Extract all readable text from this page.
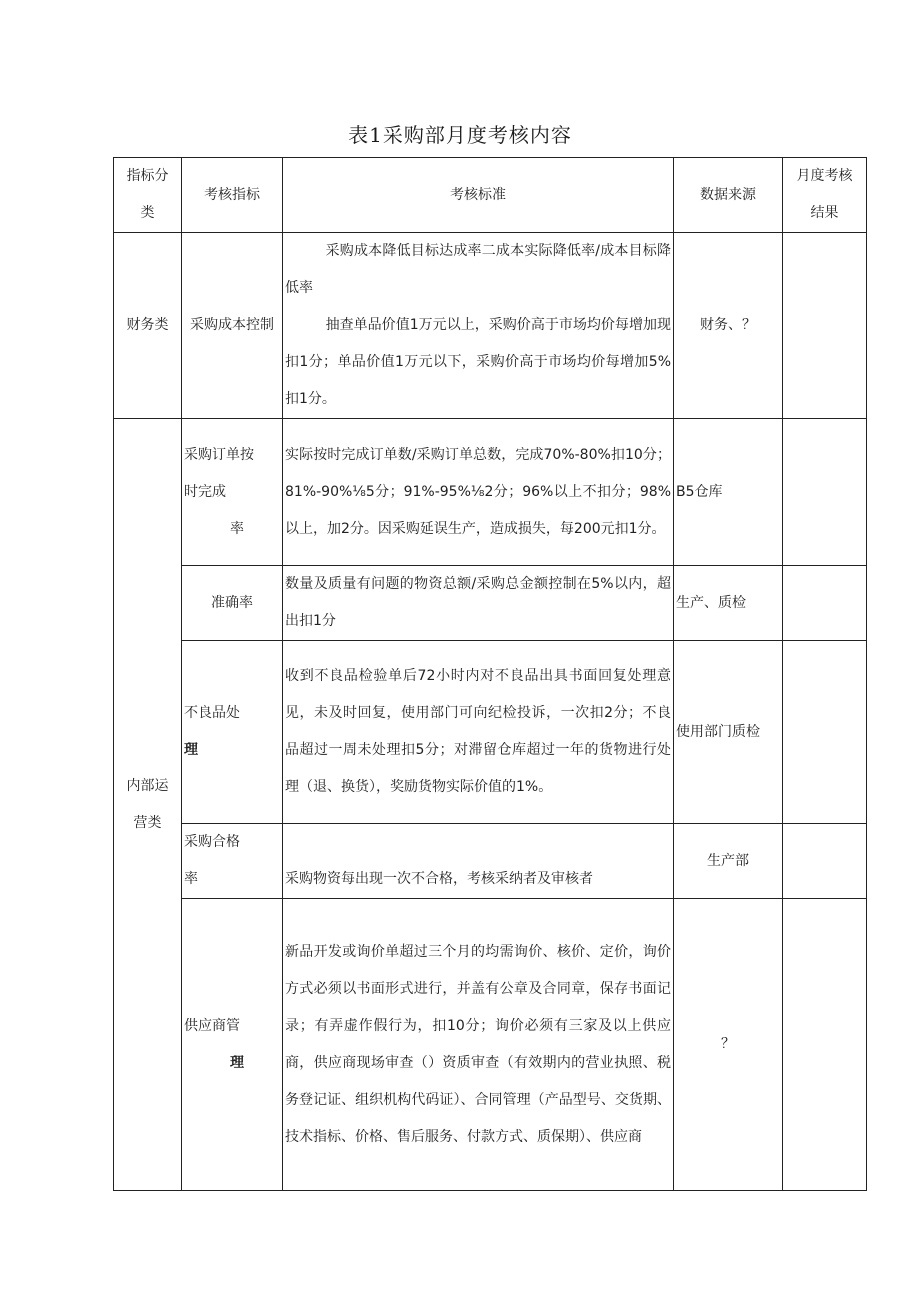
表1采购部月度考核内容
指标分类	考核指标	考核标准	数据来源	月度考核结果
财务类	采购成本控制	采购成本降低目标达成率二成本实际降低率/成本目标降低率

抽查单品价值1万元以上，采购价高于市场均价每增加现扣1分；单品价值1万元以下，采购价高于市场均价每增加5%扣1分。	财务、？	
内部运营类	采购订单按时完成
率	实际按时完成订单数/采购订单总数，完成70%-80%扣10分；81%-90%⅛5分；91%-95%⅛2分；96%以上不扣分；98%以上，加2分。因采购延误生产，造成损失，每200元扣1分。	B5仓库	
	准确率	数量及质量有问题的物资总额/采购总金额控制在5%以内，超出扣1分	生产、质检	

	不良品处
理	收到不良品检验单后72小时内对不良品出具书面回复处理意见，未及时回复，使用部门可向纪检投诉，一次扣2分；不良品超过一周未处理扣5分；对滞留仓库超过一年的货物进行处理（退、换货），奖励货物实际价值的1%。	使用部门质检	

	采购合格
率	采购物资每出现一次不合格，考核采纳者及审核者	生产部	

	供应商管
理	新品开发或询价单超过三个月的均需询价、核价、定价，询价方式必须以书面形式进行，并盖有公章及合同章，保存书面记录；有弄虚作假行为，扣10分；询价必须有三家及以上供应商，供应商现场审查（）资质审查（有效期内的营业执照、税务登记证、组织机构代码证）、合同管理（产品型号、交货期、技术指标、价格、售后服务、付款方式、质保期）、供应商	？	
